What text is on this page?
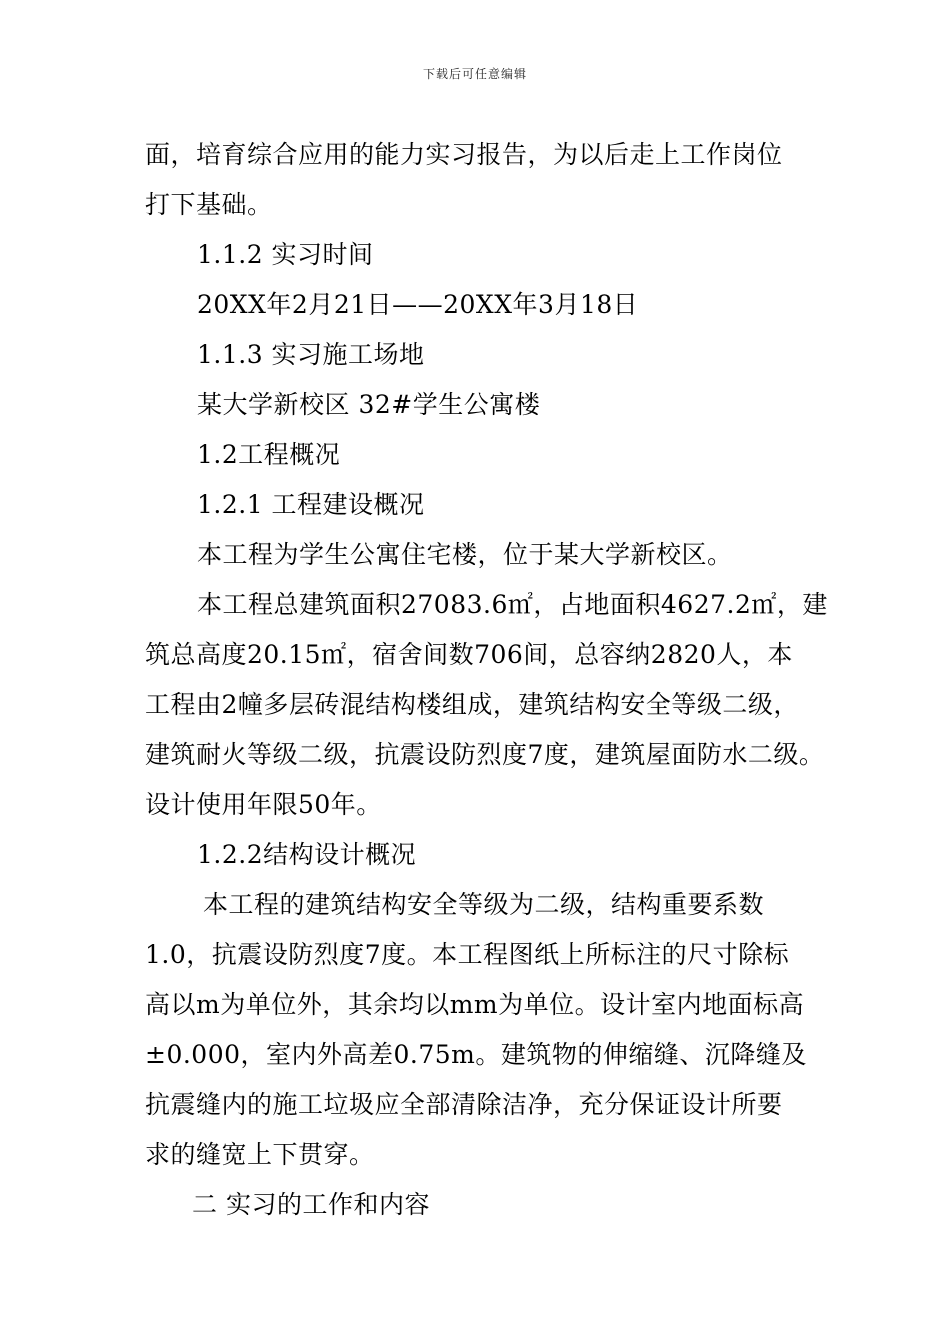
下载后可任意编辑
面，培育综合应用的能力实习报告，为以后走上工作岗位
打下基础。
1.1.2 实习时间
20XX年2月21日——20XX年3月18日
1.1.3 实习施工场地
某大学新校区 32#学生公寓楼
1.2工程概况
1.2.1 工程建设概况
本工程为学生公寓住宅楼，位于某大学新校区。
本工程总建筑面积27083.6㎡，占地面积4627.2㎡，建
筑总高度20.15㎡，宿舍间数706间，总容纳2820人，本
工程由2幢多层砖混结构楼组成，建筑结构安全等级二级，
建筑耐火等级二级，抗震设防烈度7度，建筑屋面防水二级。
设计使用年限50年。
1.2.2结构设计概况
本工程的建筑结构安全等级为二级，结构重要系数
1.0，抗震设防烈度7度。本工程图纸上所标注的尺寸除标
高以m为单位外，其余均以mm为单位。设计室内地面标高
±0.000，室内外高差0.75m。建筑物的伸缩缝、沉降缝及
抗震缝内的施工垃圾应全部清除洁净，充分保证设计所要
求的缝宽上下贯穿。
二 实习的工作和内容
